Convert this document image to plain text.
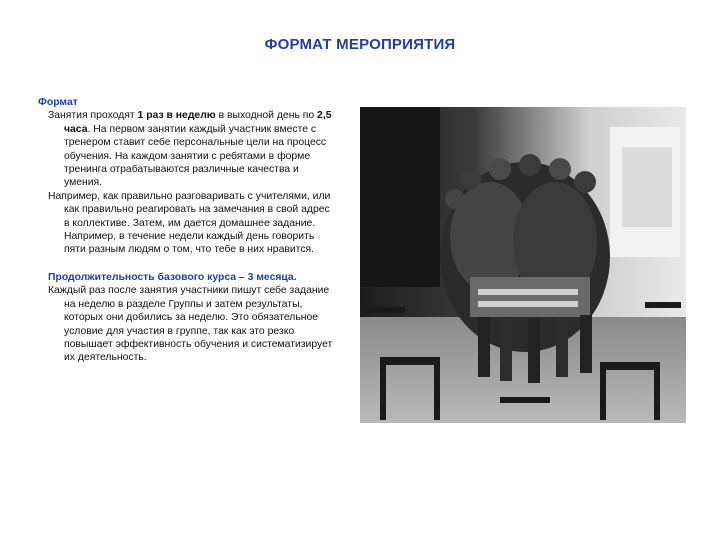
ФОРМАТ МЕРОПРИЯТИЯ
Формат
Занятия проходят 1 раз в неделю в выходной день по 2,5 часа. На первом занятии каждый участник вместе с тренером ставит себе персональные цели на процесс обучения. На каждом занятии с ребятами в форме тренинга отрабатываются различные качества и умения.
Например, как правильно разговаривать с учителями, или как правильно реагировать на замечания в свой адрес в коллективе. Затем, им дается домашнее задание. Например, в течение недели каждый день говорить пяти разным людям о том, что тебе в них нравится.
Продолжительность базового курса – 3 месяца.
Каждый раз после занятия участники пишут себе задание на неделю в разделе Группы и затем результаты, которых они добились за неделю. Это обязательное условие для участия в группе, так как это резко повышает эффективность обучения и систематизирует их деятельность.
